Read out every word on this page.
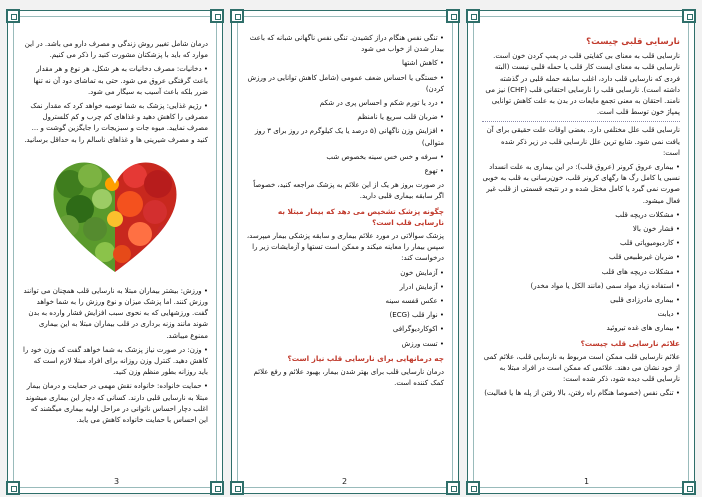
نارسایی قلبی چیست؟

نارسایی قلب به معنای بی کفایتی قلب در پمپ کردن خون است. نارسایی قلب به معنای ایست کار قلب یا حمله قلبی نیست (البته فردی که نارسایی قلب دارد، اغلب سابقه حمله قلبی در گذشته داشته است). نارسایی قلب را نارسایی احتقانی قلب (CHF) نیز می نامند. احتقان به معنی تجمع مایعات در بدن به علت کاهش توانایی پمپاژ خون توسط قلب است.

نارسایی قلب علل مختلفی دارد. بعضی اوقات علت حقیقی برای آن یافت نمی شود. شایع ترین علل نارسایی قلب در زیر ذکر شده است:

• بیماری عروق کرونر (عروق قلب): در این بیماری به علت انسداد نسبی یا کامل رگ ها رگهای کرونر قلب، خون‌رسانی به قلب به خوبی صورت نمی گیرد یا کامل مختل شده و در نتیجه قسمتی از قلب غیر فعال میشود.

• مشکلات دریچه قلب

• فشار خون بالا

• کاردیومیوپاتی قلب

• ضربان غیرطبیعی قلب

• مشکلات دریچه های قلب

• استفاده زیاد مواد سمی (مانند الکل یا مواد مخدر)

• بیماری مادرزادی قلبی

• دیابت

• بیماری های غده تیروئید

علائم نارسایی قلب چیست؟

علائم نارسایی قلب ممکن است مربوط به نارسایی قلب، علائم کمی از خود نشان می دهند. علائمی که ممکن است در افراد مبتلا به نارسایی قلب دیده شود، ذکر شده است:

• تنگی نفس (خصوصا هنگام راه رفتن، بالا رفتن از پله ها یا فعالیت)

1

• تنگی نفس هنگام دراز کشیدن. تنگی نفس ناگهانی شبانه که باعث بیدار شدن از خواب می شود

• کاهش اشتها

• خستگی یا احساس ضعف عمومی (شامل کاهش توانایی در ورزش کردن)

• درد یا تورم شکم و احساس پری در شکم

• ضربان قلب سریع یا نامنظم

• افزایش وزن ناگهانی (۵ درصد یا یک کیلوگرم در روز برای ۳ روز متوالی)

• سرفه و خس خس سینه بخصوص شب

• تهوع

در صورت بروز هر یک از این علائم به پزشک مراجعه کنید، خصوصاً اگر سابقه بیماری قلبی دارید.

چگونه پزشک تشخیص می دهد که بیمار مبتلا به نارسایی قلب است؟

پزشک سوالاتی در مورد علائم بیماری و سابقه پزشکی بیمار میپرسد، سپس بیمار را معاینه میکند و ممکن است تستها و آزمایشات زیر را درخواست کند:

• آزمایش خون

• آزمایش ادرار

• عکس قفسه سینه

• نوار قلب (ECG)

• اکوکاردیوگرافی

• تست ورزش

چه درمانهایی برای نارسایی قلب نیاز است؟

درمان نارسایی قلب برای بهتر شدن بیمار، بهبود علائم و رفع علائم کمک کننده است.

2

درمان شامل تغییر روش زندگی و مصرف دارو می باشد. در این موارد که باید با پزشکتان مشورت کنید را ذکر می کنیم.

• دخانیات: مصرف دخانیات به هر شکل، هر نوع و هر مقدار باعث گرفتگی عروق می شود. حتی به تماشای دود آن نه تنها ضرر بلکه باعث آسیب به سیگار می شود.

• رژیم غذایی: پزشک به شما توصیه خواهد کرد که مقدار نمک مصرفی را کاهش دهید و غذاهای کم چرب و کم کلسترول مصرف نمایید. میوه جات و سبزیجات را جایگزین گوشت و ... کنید و مصرف شیرینی ها و غذاهای ناسالم را به حداقل برسانید.

• ورزش: بیشتر بیماران مبتلا به نارسایی قلب همچنان می توانند ورزش کنند. اما پزشک میزان و نوع ورزش را به شما خواهد گفت. ورزشهایی که به نحوی سبب افزایش فشار وارده به بدن شوند مانند وزنه برداری در قلب بیماران مبتلا به این بیماری ممنوع میباشد.

• وزن: در صورت نیاز پزشک به شما خواهد گفت که وزن خود را کاهش دهید. کنترل وزن روزانه برای افراد مبتلا لازم است که باید روزانه بطور منظم وزن کنید.

• حمایت خانواده: خانواده نقش مهمی در حمایت و درمان بیمار مبتلا به نارسایی قلبی دارند. کسانی که دچار این بیماری میشوند اغلب دچار احساس ناتوانی در مراحل اولیه بیماری میگشند که این احساس با حمایت خانواده کاهش می یابد.

3
